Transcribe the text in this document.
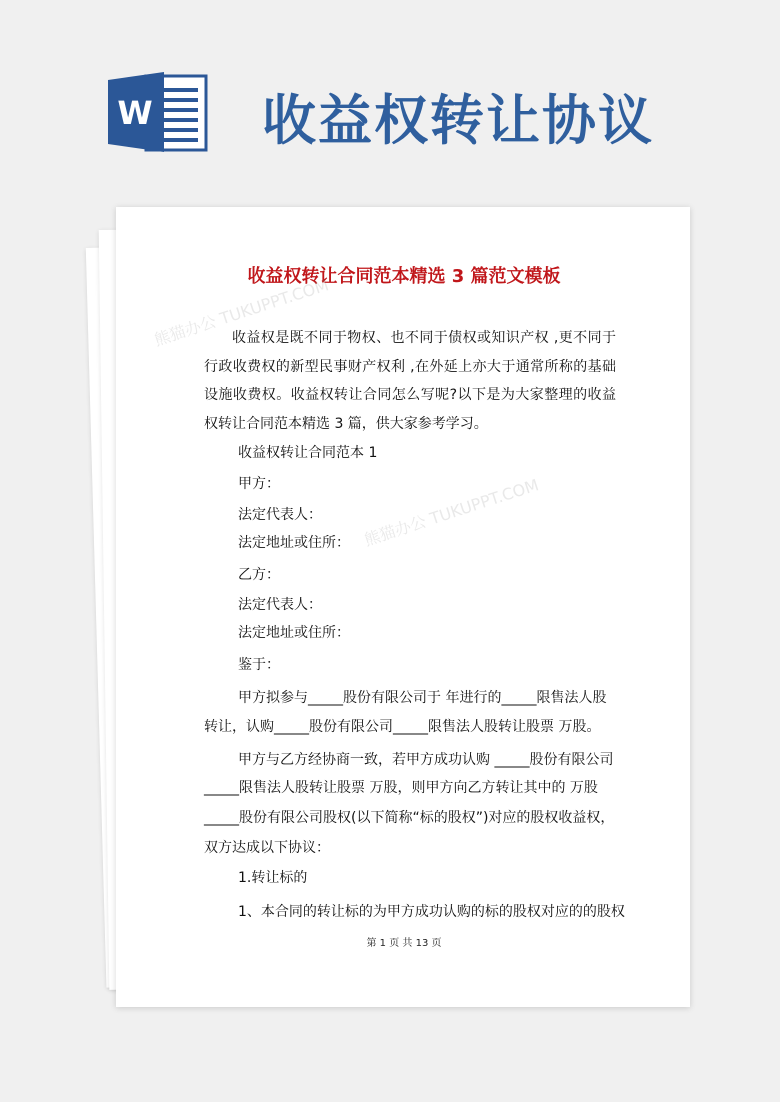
W 收益权转让协议
收益权转让合同范本精选 3 篇范文模板
收益权是既不同于物权、也不同于债权或知识产权 ,更不同于行政收费权的新型民事财产权利 ,在外延上亦大于通常所称的基础设施收费权。收益权转让合同怎么写呢?以下是为大家整理的收益权转让合同范本精选 3 篇，供大家参考学习。
收益权转让合同范本 1
甲方：
法定代表人：
法定地址或住所：
乙方：
法定代表人：
法定地址或住所：
鉴于：
甲方拟参与_____股份有限公司于 年进行的_____限售法人股
转让，认购_____股份有限公司_____限售法人股转让股票 万股。
甲方与乙方经协商一致，若甲方成功认购 _____股份有限公司
_____限售法人股转让股票 万股，则甲方向乙方转让其中的 万股
_____股份有限公司股权(以下简称“标的股权”)对应的股权收益权，
双方达成以下协议：
1.转让标的
1、本合同的转让标的为甲方成功认购的标的股权对应的的股权
第 1 页 共 13 页
